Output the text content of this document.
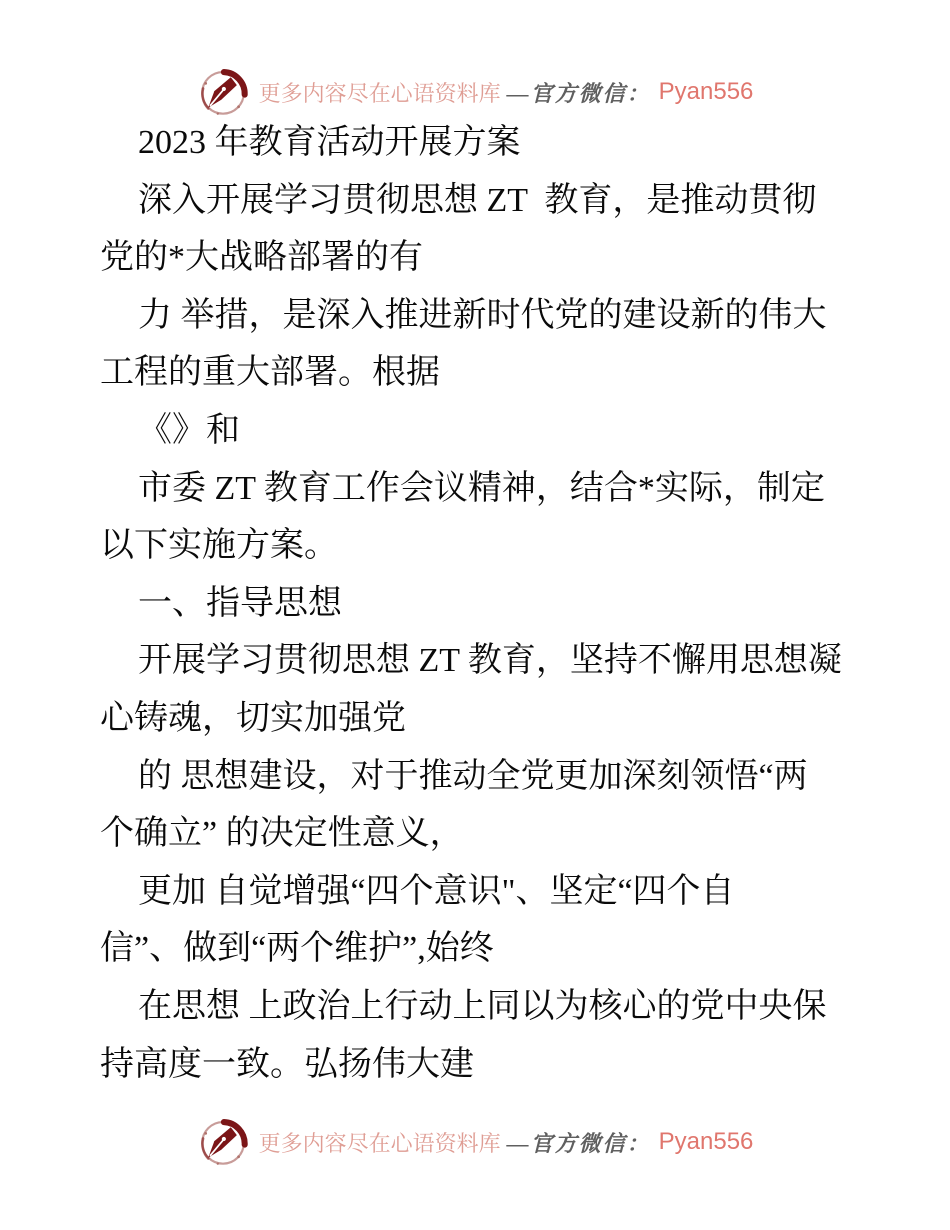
更多内容尽在心语资料库 —官方微信： Pyan556

2023 年教育活动开展方案

深入开展学习贯彻思想 ZT  教育，是推动贯彻

党的*大战略部署的有

力 举措，是深入推进新时代党的建设新的伟大

工程的重大部署。根据

《》和

市委 ZT 教育工作会议精神，结合*实际，制定

以下实施方案。

一、指导思想

开展学习贯彻思想 ZT 教育，坚持不懈用思想凝

心铸魂，切实加强党

的 思想建设，对于推动全党更加深刻领悟“两

个确立” 的决定性意义，

更加 自觉增强“四个意识"、坚定“四个自

信”、做到“两个维护”,始终

在思想 上政治上行动上同以为核心的党中央保

持高度一致。弘扬伟大建

更多内容尽在心语资料库 —官方微信： Pyan556
